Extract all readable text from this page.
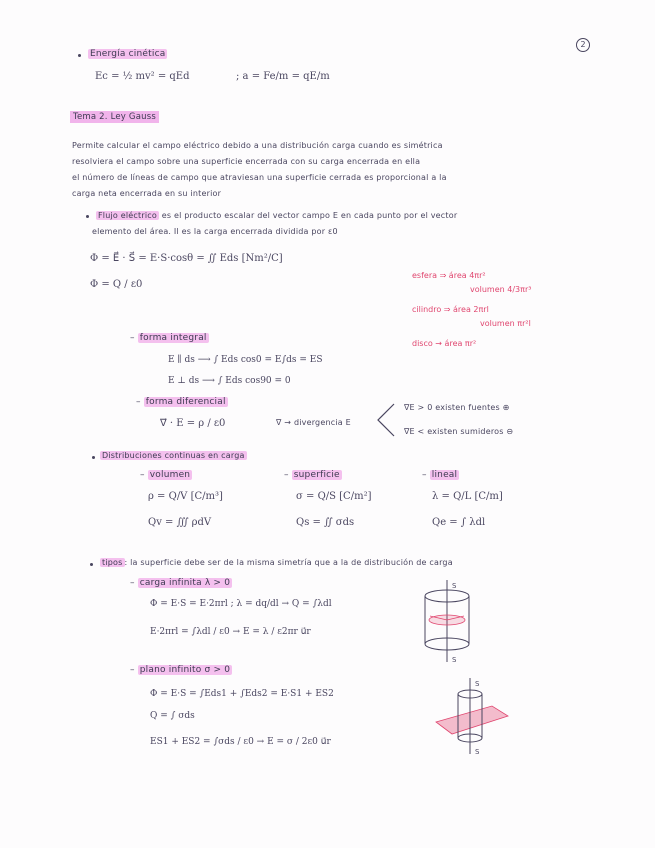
2
Energía cinética
Ec = ½ mv² = qEd	; a = Fe/m = qE/m
Tema 2. Ley Gauss
Permite calcular el campo eléctrico debido a una distribución carga cuando es simétrica
resolviera el campo sobre una superficie encerrada con su carga encerrada en ella
el número de líneas de campo que atraviesan una superficie cerrada es proporcional a la
carga neta encerrada en su interior
Flujo eléctrico es el producto escalar del vector campo E en cada punto por el vector
elemento del área. Il es la carga encerrada dividida por ε0
Φ = E⃗ · S⃗ = E·S·cosθ = ∬ Eds [Nm²/C]
Φ = Q / ε0
esfera ⇒ área 4πr²
volumen 4/3πr³
cilindro ⇒ área 2πrl
volumen πr²l
disco → área πr²
– forma integral
E ∥ ds ⟶ ∫ Eds cos0 = E∫ds = ES
E ⊥ ds ⟶ ∫ Eds cos90 = 0
– forma diferencial
∇⃗ · E = ρ / ε0	∇ → divergencia E
∇E > 0 existen fuentes ⊕
∇E < existen sumideros ⊖
Distribuciones continuas en carga
– volumen
ρ = Q/V [C/m³]
Qv = ∭ ρdV
– superficie
σ = Q/S [C/m²]
Qs = ∬ σds
– lineal
λ = Q/L [C/m]
Qe = ∫ λdl
tipos : la superficie debe ser de la misma simetría que a la de distribución de carga
– carga infinita λ > 0
Φ = E·S = E·2πrl ; λ = dq/dl → Q = ∫λdl
E·2πrl = ∫λdl / ε0 → E = λ / ε2πr u⃗r
S
S
– plano infinito σ > 0
Φ = E·S = ∫Eds1 + ∫Eds2 = E·S1 + ES2
Q = ∫ σds
ES1 + ES2 = ∫σds / ε0 → E = σ / 2ε0 u⃗r
S
S
